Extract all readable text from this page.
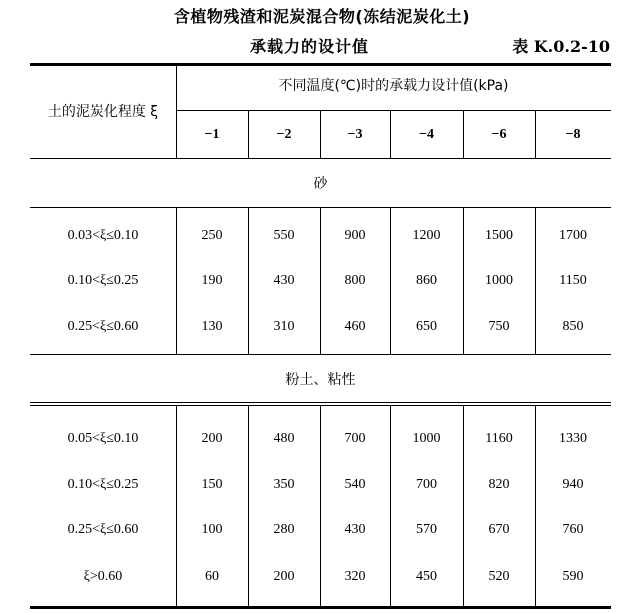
含植物残渣和泥炭混合物(冻结泥炭化土)
承载力的设计值	表 K.0.2-10
土的泥炭化程度 ξ
不同温度(℃)时的承载力设计值(kPa)
−1	−2	−3	−4	−6	−8
砂
0.03<ξ≤0.10	250	550	900	1200	1500	1700
0.10<ξ≤0.25	190	430	800	860	1000	1150
0.25<ξ≤0.60	130	310	460	650	750	850
粉土、粘性
0.05<ξ≤0.10	200	480	700	1000	1160	1330
0.10<ξ≤0.25	150	350	540	700	820	940
0.25<ξ≤0.60	100	280	430	570	670	760
ξ>0.60	60	200	320	450	520	590
